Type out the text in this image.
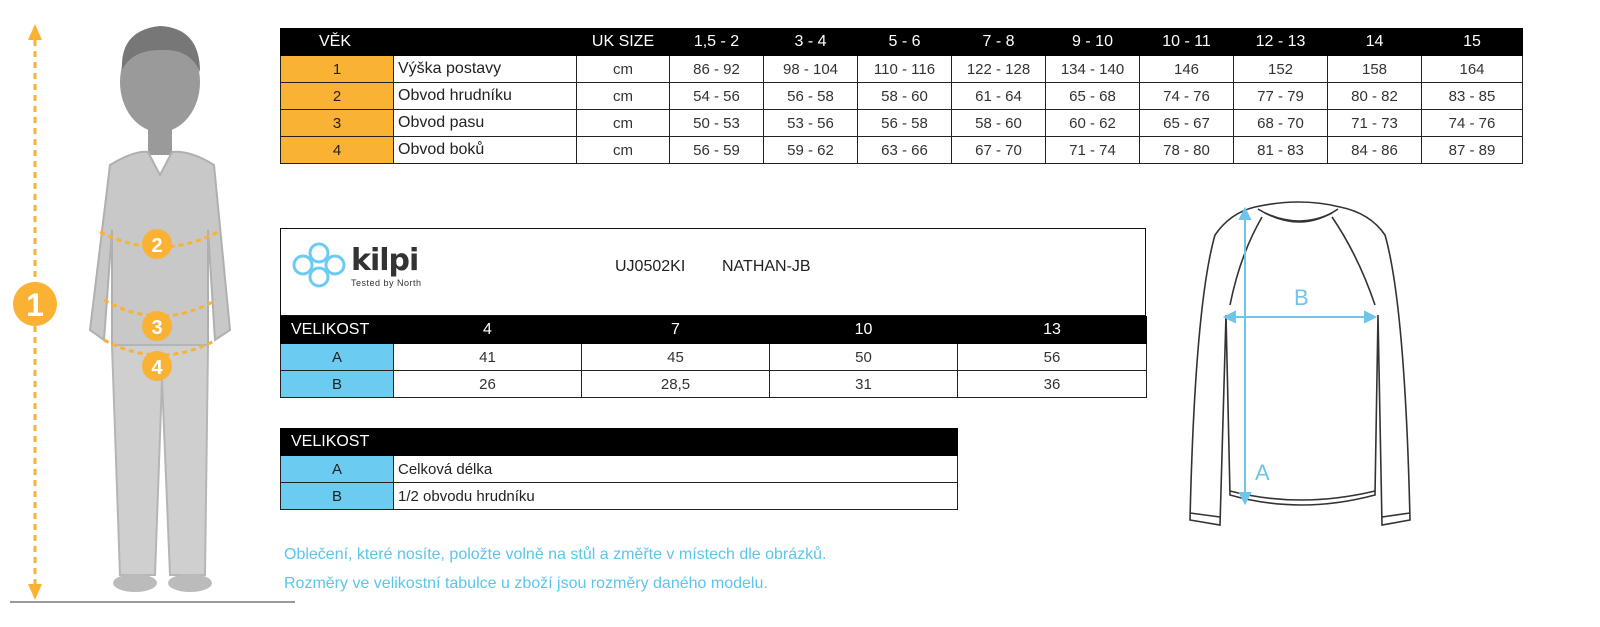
1
2
3
4
VĚK		UK SIZE	1,5 - 2	3 - 4	5 - 6	7 - 8	9 - 10	10 - 11	12 - 13	14	15
1	Výška postavy	cm	86 - 92	98 - 104	110 - 116	122 - 128	134 - 140	146	152	158	164
2	Obvod hrudníku	cm	54 - 56	56 - 58	58 - 60	61 - 64	65 - 68	74 - 76	77 - 79	80 - 82	83 - 85
3	Obvod pasu	cm	50 - 53	53 - 56	56 - 58	58 - 60	60 - 62	65 - 67	68 - 70	71 - 73	74 - 76
4	Obvod boků	cm	56 - 59	59 - 62	63 - 66	67 - 70	71 - 74	78 - 80	81 - 83	84 - 86	87 - 89
kilpi
Tested by North
UJ0502KI NATHAN-JB
VELIKOST	4	7	10	13
A	41	45	50	56
B	26	28,5	31	36
VELIKOST	
A	Celková délka
B	1/2 obvodu hrudníku
Oblečení, které nosíte, položte volně na stůl a změřte v místech dle obrázků.
Rozměry ve velikostní tabulce u zboží jsou rozměry daného modelu.
B
A
